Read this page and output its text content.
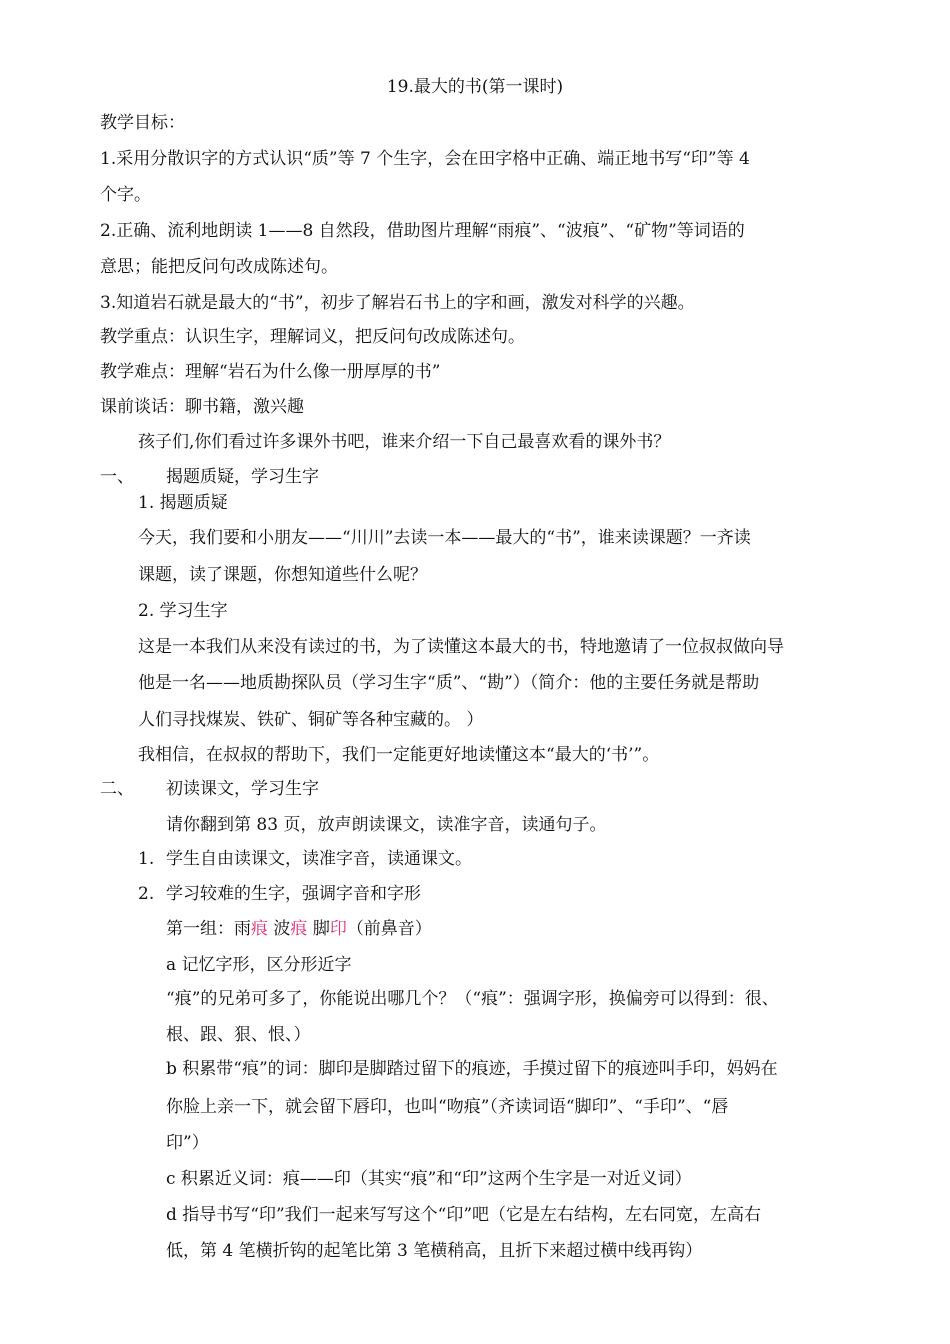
19.最大的书(第一课时)
教学目标：
1.采用分散识字的方式认识“质”等 7 个生字，会在田字格中正确、端正地书写“印”等 4
个字。
2.正确、流利地朗读 1——8 自然段，借助图片理解“雨痕”、“波痕”、“矿物”等词语的
意思；能把反问句改成陈述句。
3.知道岩石就是最大的“书”，初步了解岩石书上的字和画，激发对科学的兴趣。
教学重点：认识生字，理解词义，把反问句改成陈述句。
教学难点：理解“岩石为什么像一册厚厚的书”
课前谈话：聊书籍，激兴趣
孩子们,你们看过许多课外书吧，谁来介绍一下自己最喜欢看的课外书？
一、 揭题质疑，学习生字
1. 揭题质疑
今天，我们要和小朋友——“川川”去读一本——最大的“书”，谁来读课题？一齐读
课题，读了课题，你想知道些什么呢？
2. 学习生字
这是一本我们从来没有读过的书，为了读懂这本最大的书，特地邀请了一位叔叔做向导
他是一名——地质勘探队员（学习生字“质”、“勘”）（简介：他的主要任务就是帮助
人们寻找煤炭、铁矿、铜矿等各种宝藏的。 ）
我相信，在叔叔的帮助下，我们一定能更好地读懂这本“最大的‘书’”。
二、 初读课文，学习生字
请你翻到第 83 页，放声朗读课文，读准字音，读通句子。
1. 学生自由读课文，读准字音，读通课文。
2. 学习较难的生字，强调字音和字形
第一组：雨痕 波痕 脚印（前鼻音）
a 记忆字形，区分形近字
“痕”的兄弟可多了，你能说出哪几个？（“痕”：强调字形，换偏旁可以得到：很、
根、跟、狠、恨、）
b 积累带“痕”的词：脚印是脚踏过留下的痕迹，手摸过留下的痕迹叫手印，妈妈在
你脸上亲一下，就会留下唇印，也叫“吻痕”（齐读词语“脚印”、“手印”、“唇
印”）
c 积累近义词：痕——印（其实“痕”和“印”这两个生字是一对近义词）
d 指导书写“印”我们一起来写写这个“印”吧（它是左右结构，左右同宽，左高右
低，第 4 笔横折钩的起笔比第 3 笔横稍高，且折下来超过横中线再钩）
